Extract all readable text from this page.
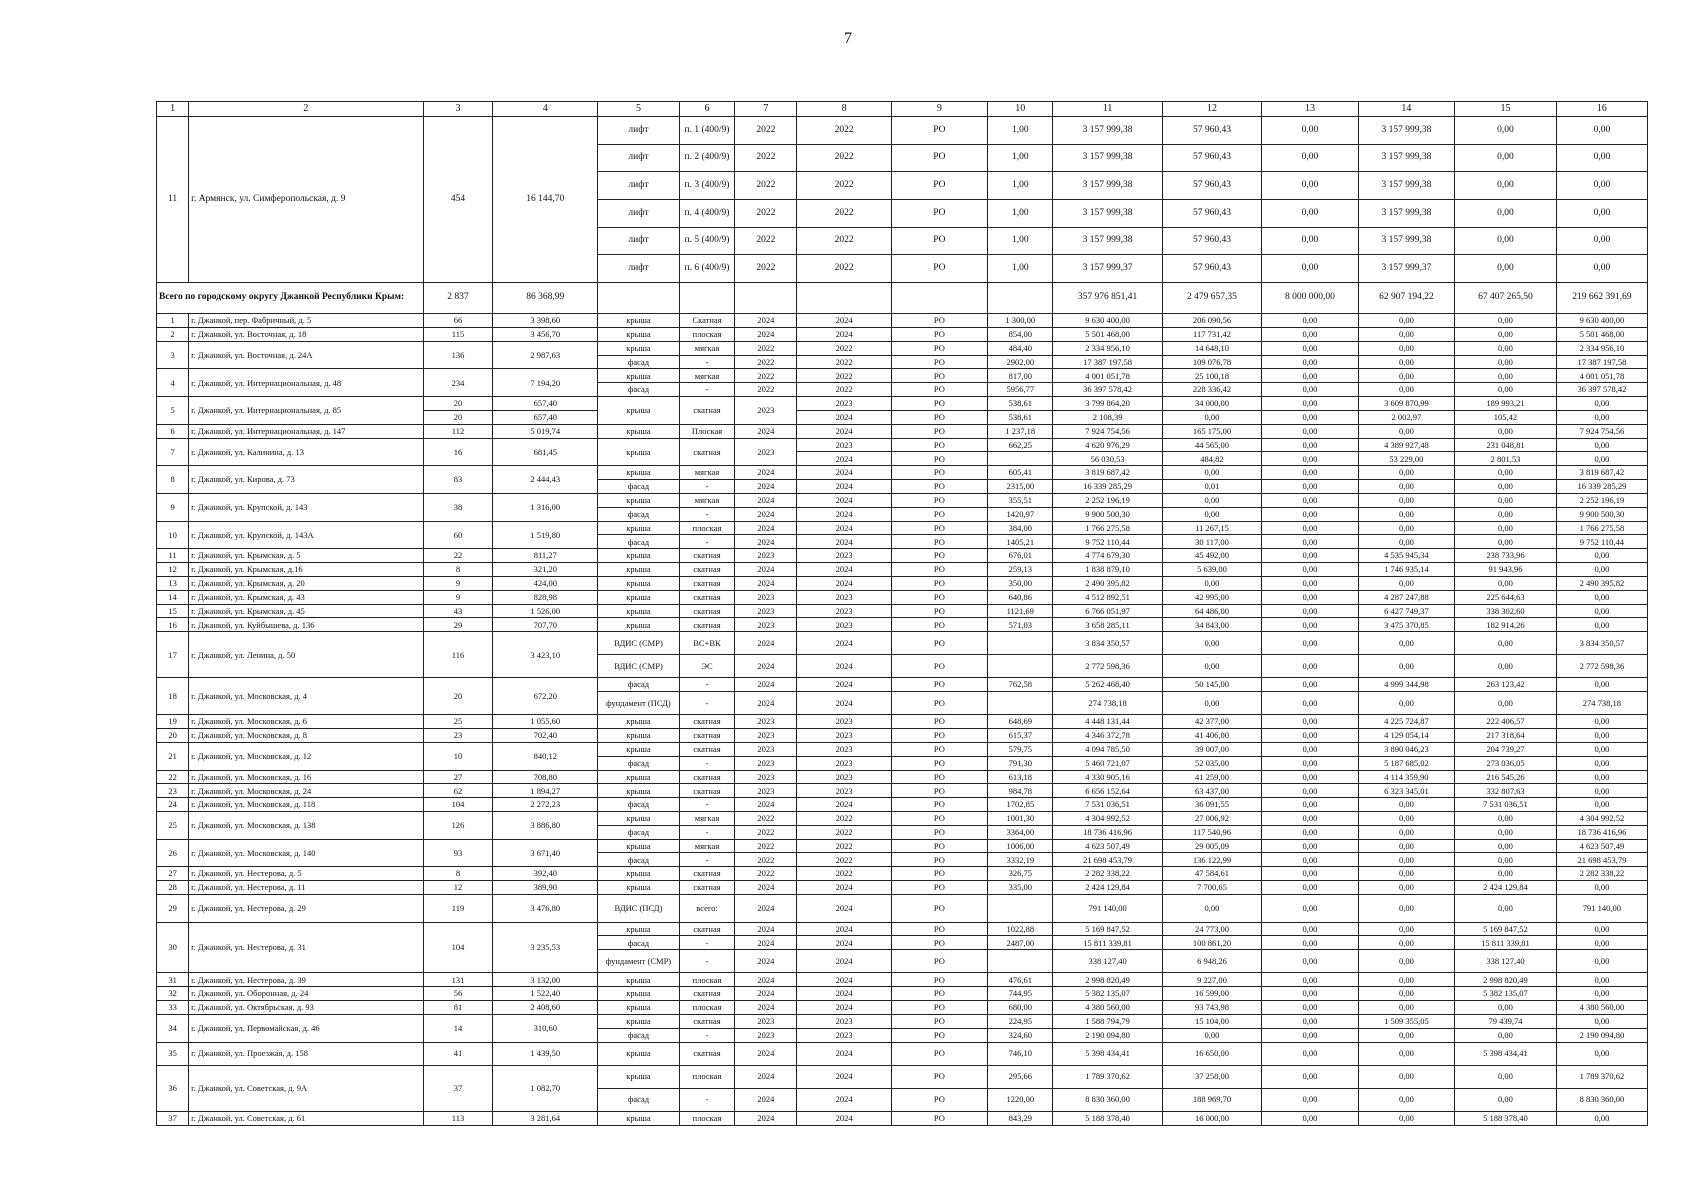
7
1	2	3	4	5	6	7	8	9	10	11	12	13	14	15	16
11	г. Армянск, ул. Симферопольская, д. 9	454	16 144,70	лифт	п. 1 (400/9)	2022	2022	РО	1,00	3 157 999,38	57 960,43	0,00	3 157 999,38	0,00	0,00
				лифт	п. 2 (400/9)	2022	2022	РО	1,00	3 157 999,38	57 960,43	0,00	3 157 999,38	0,00	0,00
				лифт	п. 3 (400/9)	2022	2022	РО	1,00	3 157 999,38	57 960,43	0,00	3 157 999,38	0,00	0,00
				лифт	п. 4 (400/9)	2022	2022	РО	1,00	3 157 999,38	57 960,43	0,00	3 157 999,38	0,00	0,00
				лифт	п. 5 (400/9)	2022	2022	РО	1,00	3 157 999,38	57 960,43	0,00	3 157 999,38	0,00	0,00
				лифт	п. 6 (400/9)	2022	2022	РО	1,00	3 157 999,37	57 960,43	0,00	3 157 999,37	0,00	0,00
Всего по городскому округу Джанкой Республики Крым:		2 837	86 368,99							357 976 851,41	2 479 657,35	8 000 000,00	62 907 194,22	67 407 265,50	219 662 391,69
1	г. Джанкой, пер. Фабричный, д. 5	66	3 398,60	крыша	Скатная	2024	2024	РО	1 300,00	9 630 400,00	206 090,56	0,00	0,00	0,00	9 630 400,00
2	г. Джанкой, ул. Восточная, д. 18	115	3 456,70	крыша	плоская	2024	2024	РО	854,00	5 501 468,00	117 731,42	0,00	0,00	0,00	5 501 468,00
3	г. Джанкой, ул. Восточная, д. 24А	136	2 987,63	крыша	мягкая	2022	2022	РО	484,40	2 334 956,10	14 648,10	0,00	0,00	0,00	2 334 956,10
				фасад	-	2022	2022	РО	2902,00	17 387 197,58	109 076,78	0,00	0,00	0,00	17 387 197,58
4	г. Джанкой, ул. Интернациональная, д. 48	234	7 194,20	крыша	мягкая	2022	2022	РО	817,00	4 001 051,78	25 100,18	0,00	0,00	0,00	4 001 051,78
				фасад	-	2022	2022	РО	5956,77	36 397 578,42	228 336,42	0,00	0,00	0,00	36 397 578,42
5	г. Джанкой, ул. Интернациональная, д. 85	20	657,40	крыша	скатная	2023	2023	РО	538,61	3 799 864,20	34 000,00	0,00	3 609 870,99	189 993,21	0,00
		20	657,40				2024	РО	538,61	2 108,39	0,00	0,00	2 002,97	105,42	0,00
6	г. Джанкой, ул. Интернациональная, д. 147	112	5 019,74	крыша	Плоская	2024	2024	РО	1 237,18	7 924 754,56	165 175,00	0,00	0,00	0,00	7 924 754,56
7	г. Джанкой, ул. Калинина, д. 13	16	681,45	крыша	скатная	2023	2023	РО	662,25	4 620 976,29	44 565,00	0,00	4 389 927,48	231 048,81	0,00
							2024	РО		56 030,53	484,82	0,00	53 229,00	2 801,53	0,00
8	г. Джанкой, ул. Кирова, д. 73	83	2 444,43	крыша	мягкая	2024	2024	РО	605,41	3 819 687,42	0,00	0,00	0,00	0,00	3 819 687,42
				фасад	-	2024	2024	РО	2315,00	16 339 285,29	0,01	0,00	0,00	0,00	16 339 285,29
9	г. Джанкой, ул. Крупской, д. 143	38	1 316,00	крыша	мягкая	2024	2024	РО	355,51	2 252 196,19	0,00	0,00	0,00	0,00	2 252 196,19
				фасад	-	2024	2024	РО	1420,97	9 900 500,30	0,00	0,00	0,00	0,00	9 900 500,30
10	г. Джанкой, ул. Крупской, д. 143А	60	1 519,80	крыша	плоская	2024	2024	РО	384,00	1 766 275,58	11 267,15	0,00	0,00	0,00	1 766 275,58
				фасад	-	2024	2024	РО	1405,21	9 752 110,44	30 117,00	0,00	0,00	0,00	9 752 110,44
11	г. Джанкой, ул. Крымская, д. 5	22	811,27	крыша	скатная	2023	2023	РО	676,01	4 774 679,30	45 492,00	0,00	4 535 945,34	238 733,96	0,00
12	г. Джанкой, ул. Крымская, д.16	8	321,20	крыша	скатная	2024	2024	РО	259,13	1 838 879,10	5 639,00	0,00	1 746 935,14	91 943,96	0,00
13	г. Джанкой, ул. Крымская, д. 20	9	424,00	крыша	скатная	2024	2024	РО	350,00	2 490 395,82	0,00	0,00	0,00	0,00	2 490 395,82
14	г. Джанкой, ул. Крымская, д. 43	9	828,98	крыша	скатная	2023	2023	РО	640,86	4 512 892,51	42 995,00	0,00	4 287 247,88	225 644,63	0,00
15	г. Джанкой, ул. Крымская, д. 45	43	1 526,00	крыша	скатная	2023	2023	РО	1121,69	6 766 051,97	64 486,00	0,00	6 427 749,37	338 302,60	0,00
16	г. Джанкой, ул. Куйбышева, д. 136	29	707,70	крыша	скатная	2023	2023	РО	571,03	3 658 285,11	34 843,00	0,00	3 475 370,85	182 914,26	0,00
17	г. Джанкой, ул. Ленина, д. 50	116	3 423,10	ВДИС (СМР)	ВС+ВК	2024	2024	РО		3 834 350,57	0,00	0,00	0,00	0,00	3 834 350,57
				ВДИС (СМР)	ЭС	2024	2024	РО		2 772 598,36	0,00	0,00	0,00	0,00	2 772 598,36
18	г. Джанкой, ул. Московская, д. 4	20	672,20	фасад	-	2024	2024	РО	762,58	5 262 468,40	50 145,00	0,00	4 999 344,98	263 123,42	0,00
				фундамент (ПСД)	-	2024	2024	РО		274 738,18	0,00	0,00	0,00	0,00	274 738,18
19	г. Джанкой, ул. Московская, д. 6	25	1 055,60	крыша	скатная	2023	2023	РО	648,69	4 448 131,44	42 377,00	0,00	4 225 724,87	222 406,57	0,00
20	г. Джанкой, ул. Московская, д. 8	23	702,40	крыша	скатная	2023	2023	РО	615,37	4 346 372,78	41 406,00	0,00	4 129 054,14	217 318,64	0,00
21	г. Джанкой, ул. Московская, д. 12	10	840,12	крыша	скатная	2023	2023	РО	579,75	4 094 785,50	39 007,00	0,00	3 890 046,23	204 739,27	0,00
				фасад	-	2023	2023	РО	791,30	5 460 721,07	52 035,00	0,00	5 187 685,02	273 036,05	0,00
22	г. Джанкой, ул. Московская, д. 16	27	708,80	крыша	скатная	2023	2023	РО	613,18	4 330 905,16	41 259,00	0,00	4 114 359,90	216 545,26	0,00
23	г. Джанкой, ул. Московская, д. 24	62	1 894,27	крыша	скатная	2023	2023	РО	984,78	6 656 152,64	63 437,00	0,00	6 323 345,01	332 807,63	0,00
24	г. Джанкой, ул. Московская, д. 118	104	2 272,23	фасад	-	2024	2024	РО	1702,85	7 531 036,51	36 091,55	0,00	0,00	7 531 036,51	0,00
25	г. Джанкой, ул. Московская, д. 138	126	3 886,80	крыша	мягкая	2022	2022	РО	1001,30	4 304 992,52	27 006,92	0,00	0,00	0,00	4 304 992,52
				фасад	-	2022	2022	РО	3364,00	18 736 416,96	117 540,96	0,00	0,00	0,00	18 736 416,96
26	г. Джанкой, ул. Московская, д. 140	93	3 671,40	крыша	мягкая	2022	2022	РО	1006,00	4 623 507,49	29 005,09	0,00	0,00	0,00	4 623 507,49
				фасад	-	2022	2022	РО	3332,19	21 698 453,79	136 122,99	0,00	0,00	0,00	21 698 453,79
27	г. Джанкой, ул. Нестерова, д. 5	8	392,40	крыша	скатная	2022	2022	РО	326,75	2 282 338,22	47 584,61	0,00	0,00	0,00	2 282 338,22
28	г. Джанкой, ул. Нестерова, д. 11	12	389,90	крыша	скатная	2024	2024	РО	335,00	2 424 129,84	7 700,65	0,00	0,00	2 424 129,84	0,00
29	г. Джанкой, ул. Нестерова, д. 29	119	3 476,80	ВДИС (ПСД)	всего:	2024	2024	РО		791 140,00	0,00	0,00	0,00	0,00	791 140,00
30	г. Джанкой, ул. Нестерова, д. 31	104	3 235,53	крыша	скатная	2024	2024	РО	1022,88	5 169 847,52	24 773,00	0,00	0,00	5 169 847,52	0,00
				фасад	-	2024	2024	РО	2487,00	15 811 339,81	100 861,20	0,00	0,00	15 811 339,81	0,00
				фундамент (СМР)	-	2024	2024	РО		338 127,40	6 948,26	0,00	0,00	338 127,40	0,00
31	г. Джанкой, ул. Нестерова, д. 39	131	3 132,00	крыша	плоская	2024	2024	РО	476,61	2 998 820,49	9 227,00	0,00	0,00	2 998 820,49	0,00
32	г. Джанкой, ул. Оборонная, д. 24	56	1 522,40	крыша	скатная	2024	2024	РО	744,95	5 382 135,07	16 599,00	0,00	0,00	5 382 135,07	0,00
33	г. Джанкой, ул. Октябрьская, д. 93	81	2 408,60	крыша	плоская	2024	2024	РО	680,00	4 380 560,00	93 743,98	0,00	0,00	0,00	4 380 560,00
34	г. Джанкой, ул. Первомайская, д. 46	14	310,60	крыша	скатная	2023	2023	РО	224,95	1 588 794,79	15 104,00	0,00	1 509 355,05	79 439,74	0,00
				фасад	-	2023	2023	РО	324,60	2 190 094,80	0,00	0,00	0,00	0,00	2 190 094,80
35	г. Джанкой, ул. Проезжая, д. 158	41	1 439,50	крыша	скатная	2024	2024	РО	746,10	5 398 434,41	16 650,00	0,00	0,00	5 398 434,41	0,00
36	г. Джанкой, ул. Советская, д. 9А	37	1 082,70	крыша	плоская	2024	2024	РО	295,66	1 789 370,62	37 258,00	0,00	0,00	0,00	1 789 370,62
				фасад	-	2024	2024	РО	1220,00	8 830 360,00	188 969,70	0,00	0,00	0,00	8 830 360,00
37	г. Джанкой, ул. Советская, д. 61	113	3 281,64	крыша	плоская	2024	2024	РО	843,29	5 188 378,40	16 000,00	0,00	0,00	5 188 378,40	0,00
